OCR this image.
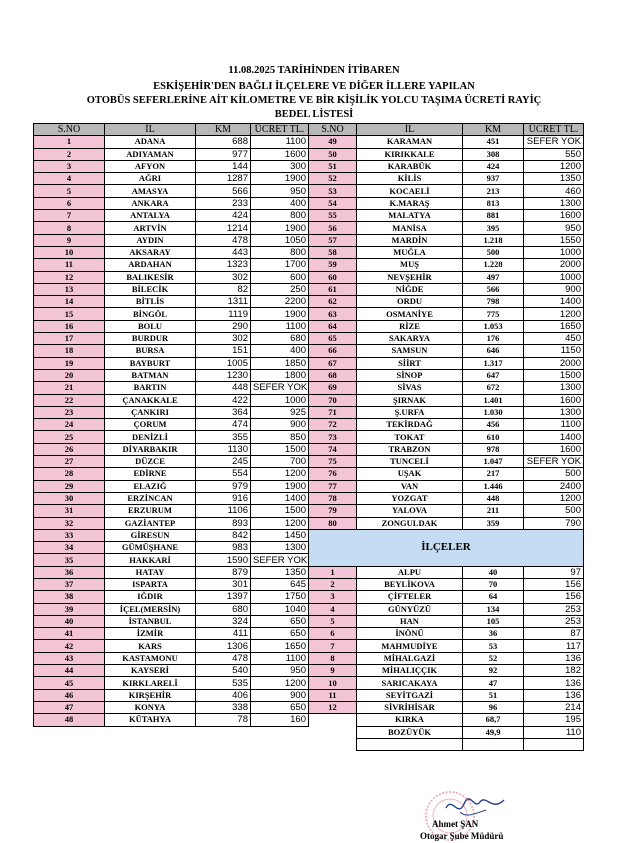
11.08.2025 TARİHİNDEN İTİBAREN
ESKİŞEHİR'DEN BAĞLI İLÇELERE VE DİĞER İLLERE YAPILAN
OTOBÜS SEFERLERİNE AİT KİLOMETRE VE BİR KİŞİLİK YOLCU TAŞIMA ÜCRETİ RAYİÇ
BEDEL LİSTESİ
S.NO	İL	KM	ÜCRET TL.	S.NO	İL	KM	ÜCRET TL.
1	ADANA	688	1100	49	KARAMAN	451	SEFER YOK
2	ADIYAMAN	977	1600	50	KIRIKKALE	308	550
3	AFYON	144	300	51	KARABÜK	424	1200
4	AĞRI	1287	1900	52	KİLİS	937	1350
5	AMASYA	566	950	53	KOCAELİ	213	460
6	ANKARA	233	400	54	K.MARAŞ	813	1300
7	ANTALYA	424	800	55	MALATYA	881	1600
8	ARTVİN	1214	1900	56	MANİSA	395	950
9	AYDIN	478	1050	57	MARDİN	1.218	1550
10	AKSARAY	443	800	58	MUĞLA	500	1000
11	ARDAHAN	1323	1700	59	MUŞ	1.228	2000
12	BALIKESİR	302	600	60	NEVŞEHİR	497	1000
13	BİLECİK	82	250	61	NİĞDE	566	900
14	BİTLİS	1311	2200	62	ORDU	798	1400
15	BİNGÖL	1119	1900	63	OSMANİYE	775	1200
16	BOLU	290	1100	64	RİZE	1.053	1650
17	BURDUR	302	680	65	SAKARYA	176	450
18	BURSA	151	400	66	SAMSUN	646	1150
19	BAYBURT	1005	1850	67	SİİRT	1.317	2000
20	BATMAN	1230	1800	68	SİNOP	647	1500
21	BARTIN	448	SEFER YOK	69	SİVAS	672	1300
22	ÇANAKKALE	422	1000	70	ŞIRNAK	1.401	1600
23	ÇANKIRI	364	925	71	Ş.URFA	1.030	1300
24	ÇORUM	474	900	72	TEKİRDAĞ	456	1100
25	DENİZLİ	355	850	73	TOKAT	610	1400
26	DİYARBAKIR	1130	1500	74	TRABZON	978	1600
27	DÜZCE	245	700	75	TUNCELİ	1.047	SEFER YOK
28	EDİRNE	554	1200	76	UŞAK	217	500
29	ELAZIĞ	979	1900	77	VAN	1.446	2400
30	ERZİNCAN	916	1400	78	YOZGAT	448	1200
31	ERZURUM	1106	1500	79	YALOVA	211	500
32	GAZİANTEP	893	1200	80	ZONGULDAK	359	790
33	GİRESUN	842	1450	İLÇELER			
34	GÜMÜŞHANE	983	1300				
35	HAKKARİ	1590	SEFER YOK				
36	HATAY	879	1350	1	ALPU	40	97
37	ISPARTA	301	645	2	BEYLİKOVA	70	156
38	IĞDIR	1397	1750	3	ÇİFTELER	64	156
39	İÇEL(MERSİN)	680	1040	4	GÜNYÜZÜ	134	253
40	İSTANBUL	324	650	5	HAN	105	253
41	İZMİR	411	650	6	İNÖNÜ	36	87
42	KARS	1306	1650	7	MAHMUDİYE	53	117
43	KASTAMONU	478	1100	8	MİHALGAZİ	52	136
44	KAYSERİ	540	950	9	MİHALIÇÇIK	92	182
45	KIRKLARELİ	535	1200	10	SARICAKAYA	47	136
46	KIRŞEHİR	406	900	11	SEYİTGAZİ	51	136
47	KONYA	338	650	12	SİVRİHİSAR	96	214
48	KÜTAHYA	78	160		KIRKA	68,7	195
					BOZÜYÜK	49,9	110

Ahmet ŞAN
Otogar Şube Müdürü
